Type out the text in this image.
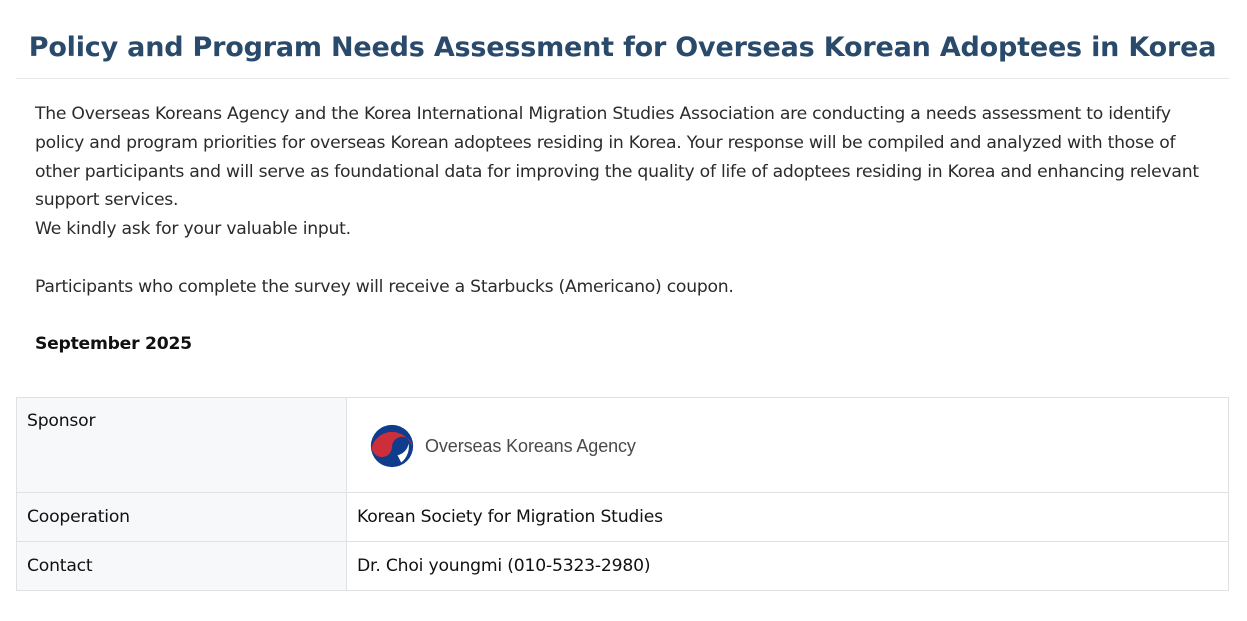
Policy and Program Needs Assessment for Overseas Korean Adoptees in Korea

The Overseas Koreans Agency and the Korea International Migration Studies Association are conducting a needs assessment to identify policy and program priorities for overseas Korean adoptees residing in Korea. Your response will be compiled and analyzed with those of other participants and will serve as foundational data for improving the quality of life of adoptees residing in Korea and enhancing relevant support services.

We kindly ask for your valuable input.

Participants who complete the survey will receive a Starbucks (Americano) coupon.

September 2025

Sponsor	Overseas Koreans Agency

Cooperation	Korean Society for Migration Studies
Contact	Dr. Choi youngmi (010-5323-2980)
